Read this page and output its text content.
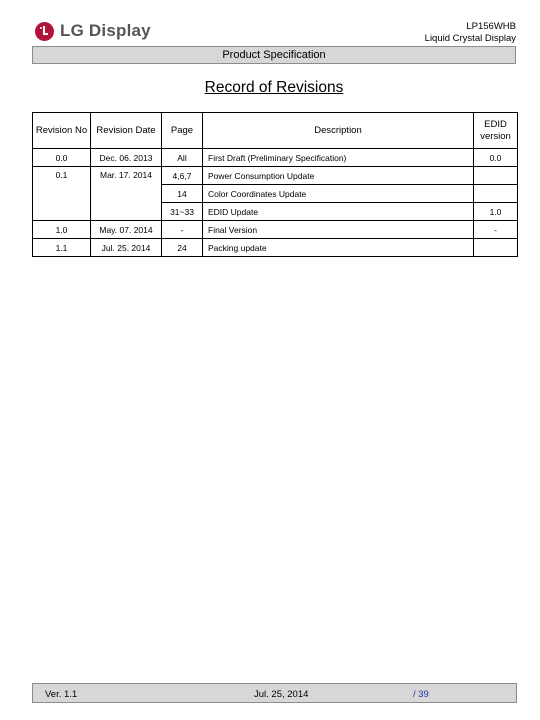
LG Display	LP156WHB
Liquid Crystal Display
Product Specification
Record of Revisions
Revision No	Revision Date	Page	Description	EDID version
0.0	Dec. 06. 2013	All	First Draft (Preliminary Specification)	0.0
0.1	Mar. 17. 2014	4,6,7	Power Consumption Update	
		14	Color Coordinates Update	
		31~33	EDID Update	1.0
1.0	May. 07. 2014	-	Final Version	-
1.1	Jul. 25. 2014	24	Packing update	
Ver. 1.1	Jul. 25, 2014	/ 39
